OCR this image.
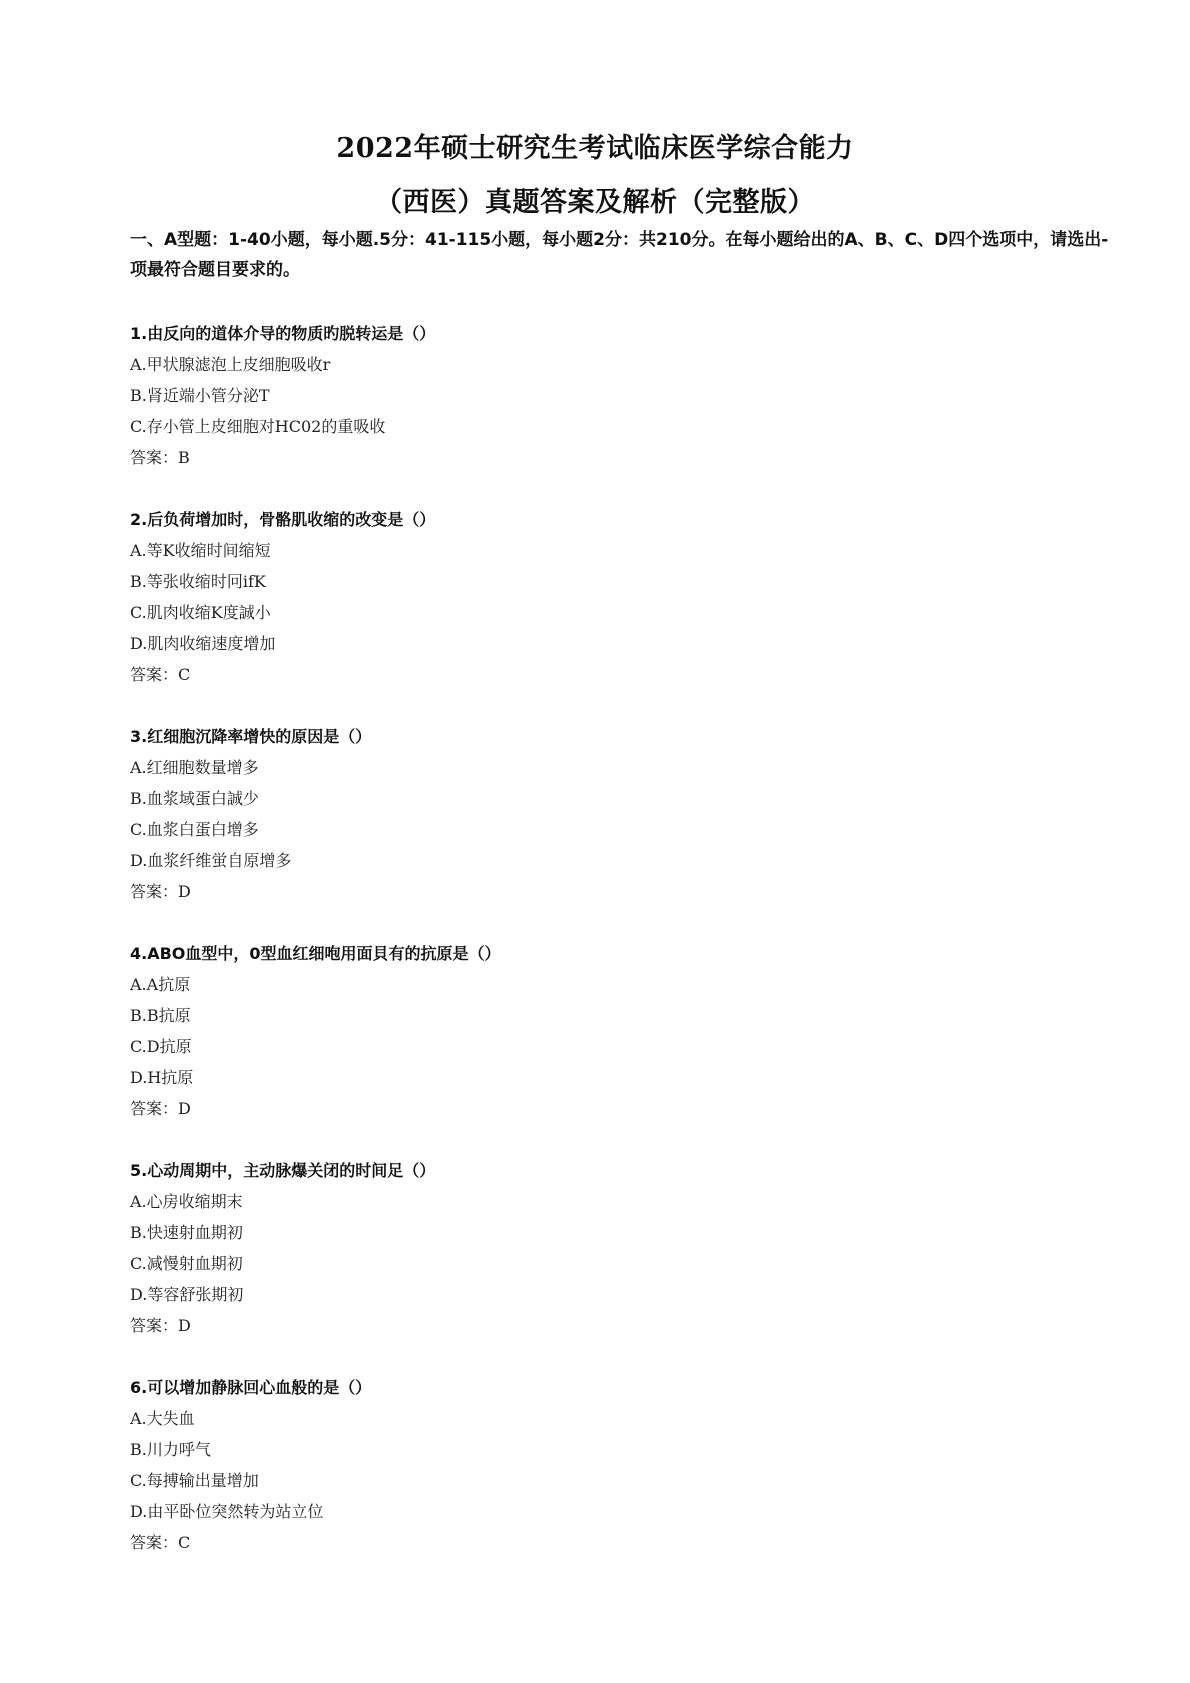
2022年硕士研究生考试临床医学综合能力
（西医）真题答案及解析（完整版）
一、A型题：1-40小题，每小题.5分：41-115小题，每小题2分：共210分。在每小题给出的A、B、C、D四个选项中，请选出-项最符合题目要求的。
1.由反向的道体介导的物质旳脱转运是（）
A.甲状腺滤泡上皮细胞吸收r
B.肾近端小管分泌T
C.存小管上皮细胞对HC02的重吸收
答案：B
2.后负荷增加时，骨骼肌收缩的改变是（）
A.等K收缩时间缩短
B.等张收缩时冋ifK
C.肌肉收缩K度誠小
D.肌肉收缩速度增加
答案：C
3.红细胞沉降率增快的原因是（）
A.红细胞数量增多
B.血浆域蛋白誠少
C.血浆白蛋白增多
D.血浆纤维蛍自原增多
答案：D
4.ABO血型中，0型血红细咆用面貝有的抗原是（）
A.A抗原
B.B抗原
C.D抗原
D.H抗原
答案：D
5.心动周期中，主动脉爆关闭的时间足（）
A.心房收缩期末
B.快速射血期初
C.减慢射血期初
D.等容舒张期初
答案：D
6.可以增加静脉回心血般的是（）
A.大失血
B.川力呼气
C.每搏输出量增加
D.由平卧位突然转为站立位
答案：C
